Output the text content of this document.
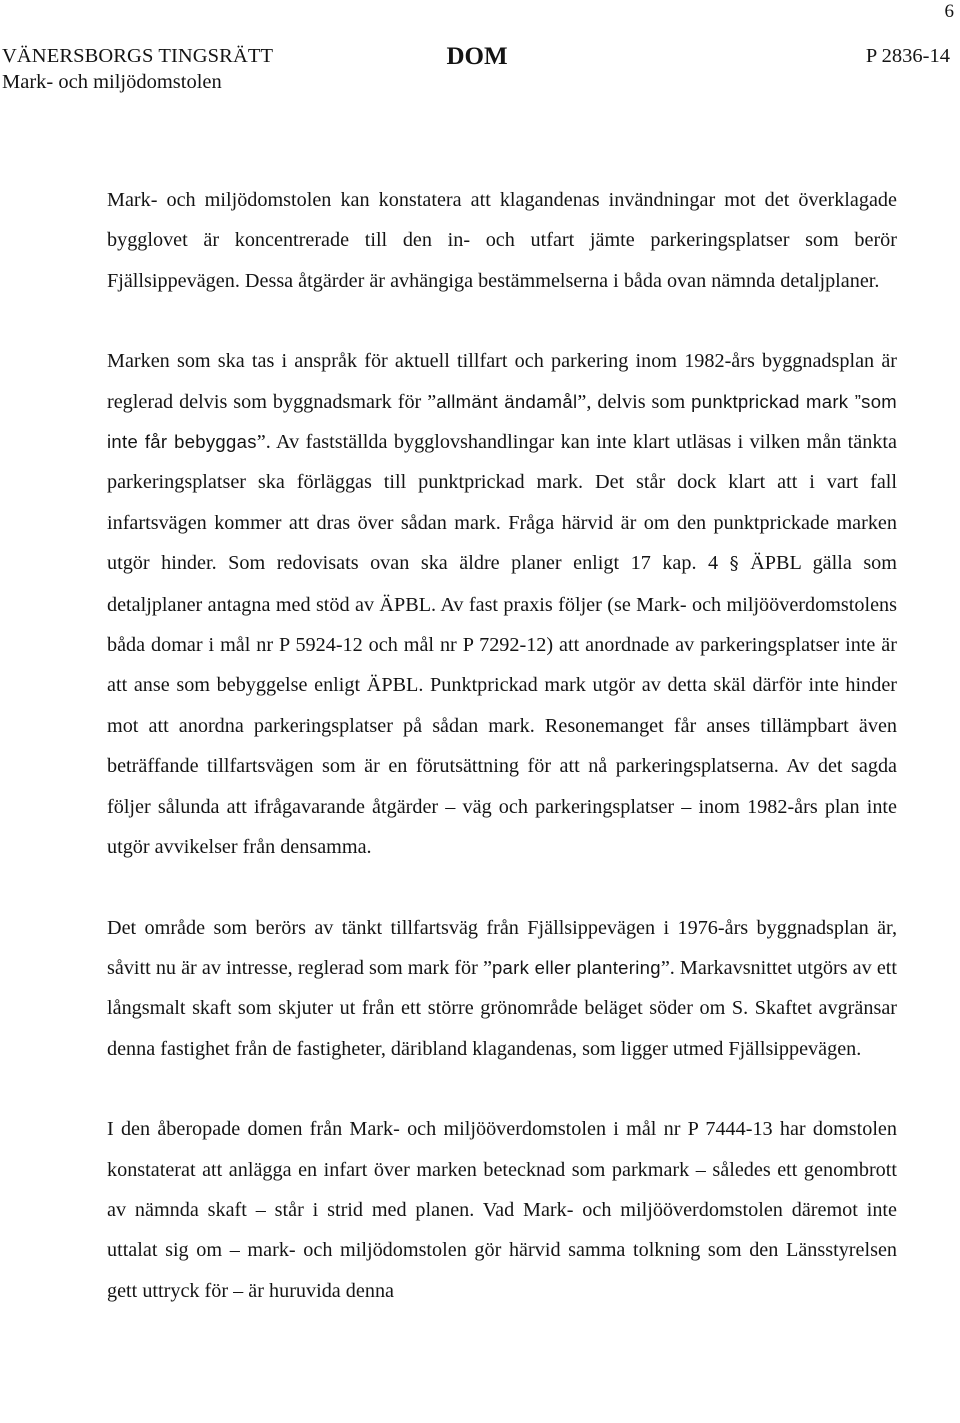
6
VÄNERSBORGS TINGSRÄTT
Mark- och miljödomstolen
DOM	P 2836-14

Mark- och miljödomstolen kan konstatera att klagandenas invändningar mot det överklagade bygglovet är koncentrerade till den in- och utfart jämte parkeringsplatser som berör Fjällsippevägen. Dessa åtgärder är avhängiga bestämmelserna i båda ovan nämnda detaljplaner.

Marken som ska tas i anspråk för aktuell tillfart och parkering inom 1982-års byggnadsplan är reglerad delvis som byggnadsmark för ”allmänt ändamål”, delvis som punktprickad mark ”som inte får bebyggas”. Av fastställda bygglovshandlingar kan inte klart utläsas i vilken mån tänkta parkeringsplatser ska förläggas till punktprickad mark. Det står dock klart att i vart fall infartsvägen kommer att dras över sådan mark. Fråga härvid är om den punktprickade marken utgör hinder. Som redovisats ovan ska äldre planer enligt 17 kap. 4 § ÄPBL gälla som detaljplaner antagna med stöd av ÄPBL. Av fast praxis följer (se Mark- och miljööverdomstolens båda domar i mål nr P 5924-12 och mål nr P 7292-12) att anordnade av parkeringsplatser inte är att anse som bebyggelse enligt ÄPBL. Punktprickad mark utgör av detta skäl därför inte hinder mot att anordna parkeringsplatser på sådan mark. Resonemanget får anses tillämpbart även beträffande tillfartsvägen som är en förutsättning för att nå parkeringsplatserna. Av det sagda följer sålunda att ifrågavarande åtgärder – väg och parkeringsplatser – inom 1982-års plan inte utgör avvikelser från densamma.

Det område som berörs av tänkt tillfartsväg från Fjällsippevägen i 1976-års byggnadsplan är, såvitt nu är av intresse, reglerad som mark för ”park eller plantering”. Markavsnittet utgörs av ett långsmalt skaft som skjuter ut från ett större grönområde beläget söder om S. Skaftet avgränsar denna fastighet från de fastigheter, däribland klagandenas, som ligger utmed Fjällsippevägen.

I den åberopade domen från Mark- och miljööverdomstolen i mål nr P 7444-13 har domstolen konstaterat att anlägga en infart över marken betecknad som parkmark – således ett genombrott av nämnda skaft – står i strid med planen. Vad Mark- och miljööverdomstolen däremot inte uttalat sig om – mark- och miljödomstolen gör härvid samma tolkning som den Länsstyrelsen gett uttryck för – är huruvida denna
